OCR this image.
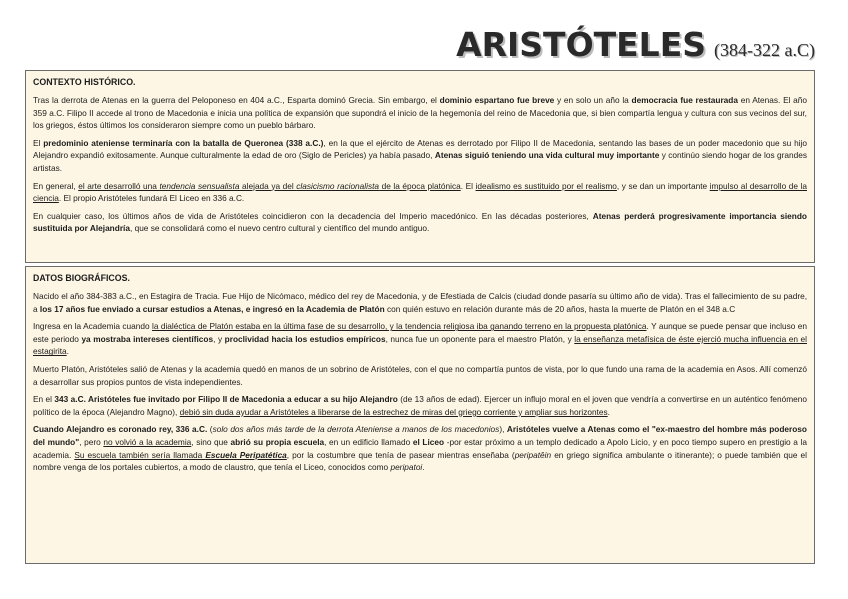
ARISTÓTELES (384-322 a.C)
CONTEXTO HISTÓRICO.

Tras la derrota de Atenas en la guerra del Peloponeso en 404 a.C., Esparta dominó Grecia. Sin embargo, el dominio espartano fue breve y en solo un año la democracia fue restaurada en Atenas. El año 359 a.C. Filipo II accede al trono de Macedonia e inicia una política de expansión que supondrá el inicio de la hegemonía del reino de Macedonia que, si bien compartía lengua y cultura con sus vecinos del sur, los griegos, éstos últimos los consideraron siempre como un pueblo bárbaro.

El predominio ateniense terminaría con la batalla de Queronea (338 a.C.), en la que el ejército de Atenas es derrotado por Filipo II de Macedonia, sentando las bases de un poder macedonio que su hijo Alejandro expandió exitosamente. Aunque culturalmente la edad de oro (Siglo de Pericles) ya había pasado, Atenas siguió teniendo una vida cultural muy importante y continúo siendo hogar de los grandes artistas.

En general, el arte desarrolló una tendencia sensualista alejada ya del clasicismo racionalista de la época platónica. El idealismo es sustituido por el realismo, y se dan un importante impulso al desarrollo de la ciencia. El propio Aristóteles fundará El Liceo en 336 a.C.

En cualquier caso, los últimos años de vida de Aristóteles coincidieron con la decadencia del Imperio macedónico. En las décadas posteriores, Atenas perderá progresivamente importancia siendo sustituida por Alejandría, que se consolidará como el nuevo centro cultural y científico del mundo antiguo.

DATOS BIOGRÁFICOS.

Nacido el año 384-383 a.C., en Estagira de Tracia. Fue Hijo de Nicómaco, médico del rey de Macedonia, y de Efestiada de Calcis (ciudad donde pasaría su último año de vida). Tras el fallecimiento de su padre, a los 17 años fue enviado a cursar estudios a Atenas, e ingresó en la Academia de Platón con quién estuvo en relación durante más de 20 años, hasta la muerte de Platón en el 348 a.C

Ingresa en la Academia cuando la dialéctica de Platón estaba en la última fase de su desarrollo, y la tendencia religiosa iba ganando terreno en la propuesta platónica. Y aunque se puede pensar que incluso en este periodo ya mostraba intereses científicos, y proclividad hacia los estudios empíricos, nunca fue un oponente para el maestro Platón, y la enseñanza metafísica de éste ejerció mucha influencia en el estagirita.

Muerto Platón, Aristóteles salió de Atenas y la academia quedó en manos de un sobrino de Aristóteles, con el que no compartía puntos de vista, por lo que fundo una rama de la academia en Asos. Allí comenzó a desarrollar sus propios puntos de vista independientes.

En el 343 a.C. Aristóteles fue invitado por Filipo II de Macedonia a educar a su hijo Alejandro (de 13 años de edad). Ejercer un influjo moral en el joven que vendría a convertirse en un auténtico fenómeno político de la época (Alejandro Magno), debió sin duda ayudar a Aristóteles a liberarse de la estrechez de miras del griego corriente y ampliar sus horizontes.

Cuando Alejandro es coronado rey, 336 a.C. (solo dos años más tarde de la derrota Ateniense a manos de los macedonios), Aristóteles vuelve a Atenas como el "ex-maestro del hombre más poderoso del mundo", pero no volvió a la academia, sino que abrió su propia escuela, en un edificio llamado el Liceo -por estar próximo a un templo dedicado a Apolo Licio, y en poco tiempo supero en prestigio a la academia. Su escuela también sería llamada Escuela Peripatética, por la costumbre que tenía de pasear mientras enseñaba (peripatêin en griego significa ambulante o itinerante); o puede también que el nombre venga de los portales cubiertos, a modo de claustro, que tenía el Liceo, conocidos como peripatoi.
